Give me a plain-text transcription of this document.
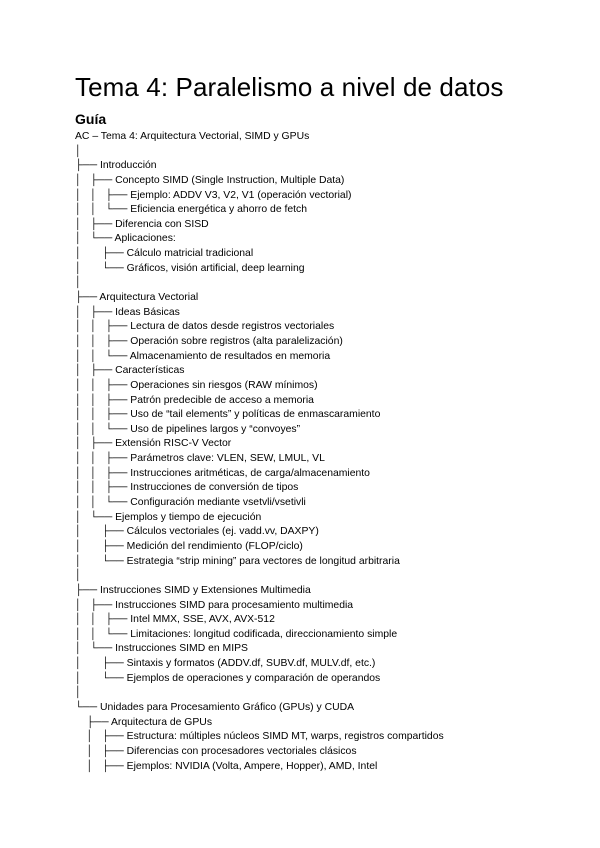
Tema 4: Paralelismo a nivel de datos
Guía
AC – Tema 4: Arquitectura Vectorial, SIMD y GPUs
│
├── Introducción
│   ├── Concepto SIMD (Single Instruction, Multiple Data)
│   │   ├── Ejemplo: ADDV V3, V2, V1 (operación vectorial)
│   │   └── Eficiencia energética y ahorro de fetch
│   ├── Diferencia con SISD
│   └── Aplicaciones:
│       ├── Cálculo matricial tradicional
│       └── Gráficos, visión artificial, deep learning
│
├── Arquitectura Vectorial
│   ├── Ideas Básicas
│   │   ├── Lectura de datos desde registros vectoriales
│   │   ├── Operación sobre registros (alta paralelización)
│   │   └── Almacenamiento de resultados en memoria
│   ├── Características
│   │   ├── Operaciones sin riesgos (RAW mínimos)
│   │   ├── Patrón predecible de acceso a memoria
│   │   ├── Uso de “tail elements” y políticas de enmascaramiento
│   │   └── Uso de pipelines largos y “convoyes”
│   ├── Extensión RISC-V Vector
│   │   ├── Parámetros clave: VLEN, SEW, LMUL, VL
│   │   ├── Instrucciones aritméticas, de carga/almacenamiento
│   │   ├── Instrucciones de conversión de tipos
│   │   └── Configuración mediante vsetvli/vsetivli
│   └── Ejemplos y tiempo de ejecución
│       ├── Cálculos vectoriales (ej. vadd.vv, DAXPY)
│       ├── Medición del rendimiento (FLOP/ciclo)
│       └── Estrategia “strip mining” para vectores de longitud arbitraria
│
├── Instrucciones SIMD y Extensiones Multimedia
│   ├── Instrucciones SIMD para procesamiento multimedia
│   │   ├── Intel MMX, SSE, AVX, AVX-512
│   │   └── Limitaciones: longitud codificada, direccionamiento simple
│   └── Instrucciones SIMD en MIPS
│       ├── Sintaxis y formatos (ADDV.df, SUBV.df, MULV.df, etc.)
│       └── Ejemplos de operaciones y comparación de operandos
│
└── Unidades para Procesamiento Gráfico (GPUs) y CUDA
├── Arquitectura de GPUs
│   ├── Estructura: múltiples núcleos SIMD MT, warps, registros compartidos
│   ├── Diferencias con procesadores vectoriales clásicos
│   ├── Ejemplos: NVIDIA (Volta, Ampere, Hopper), AMD, Intel
